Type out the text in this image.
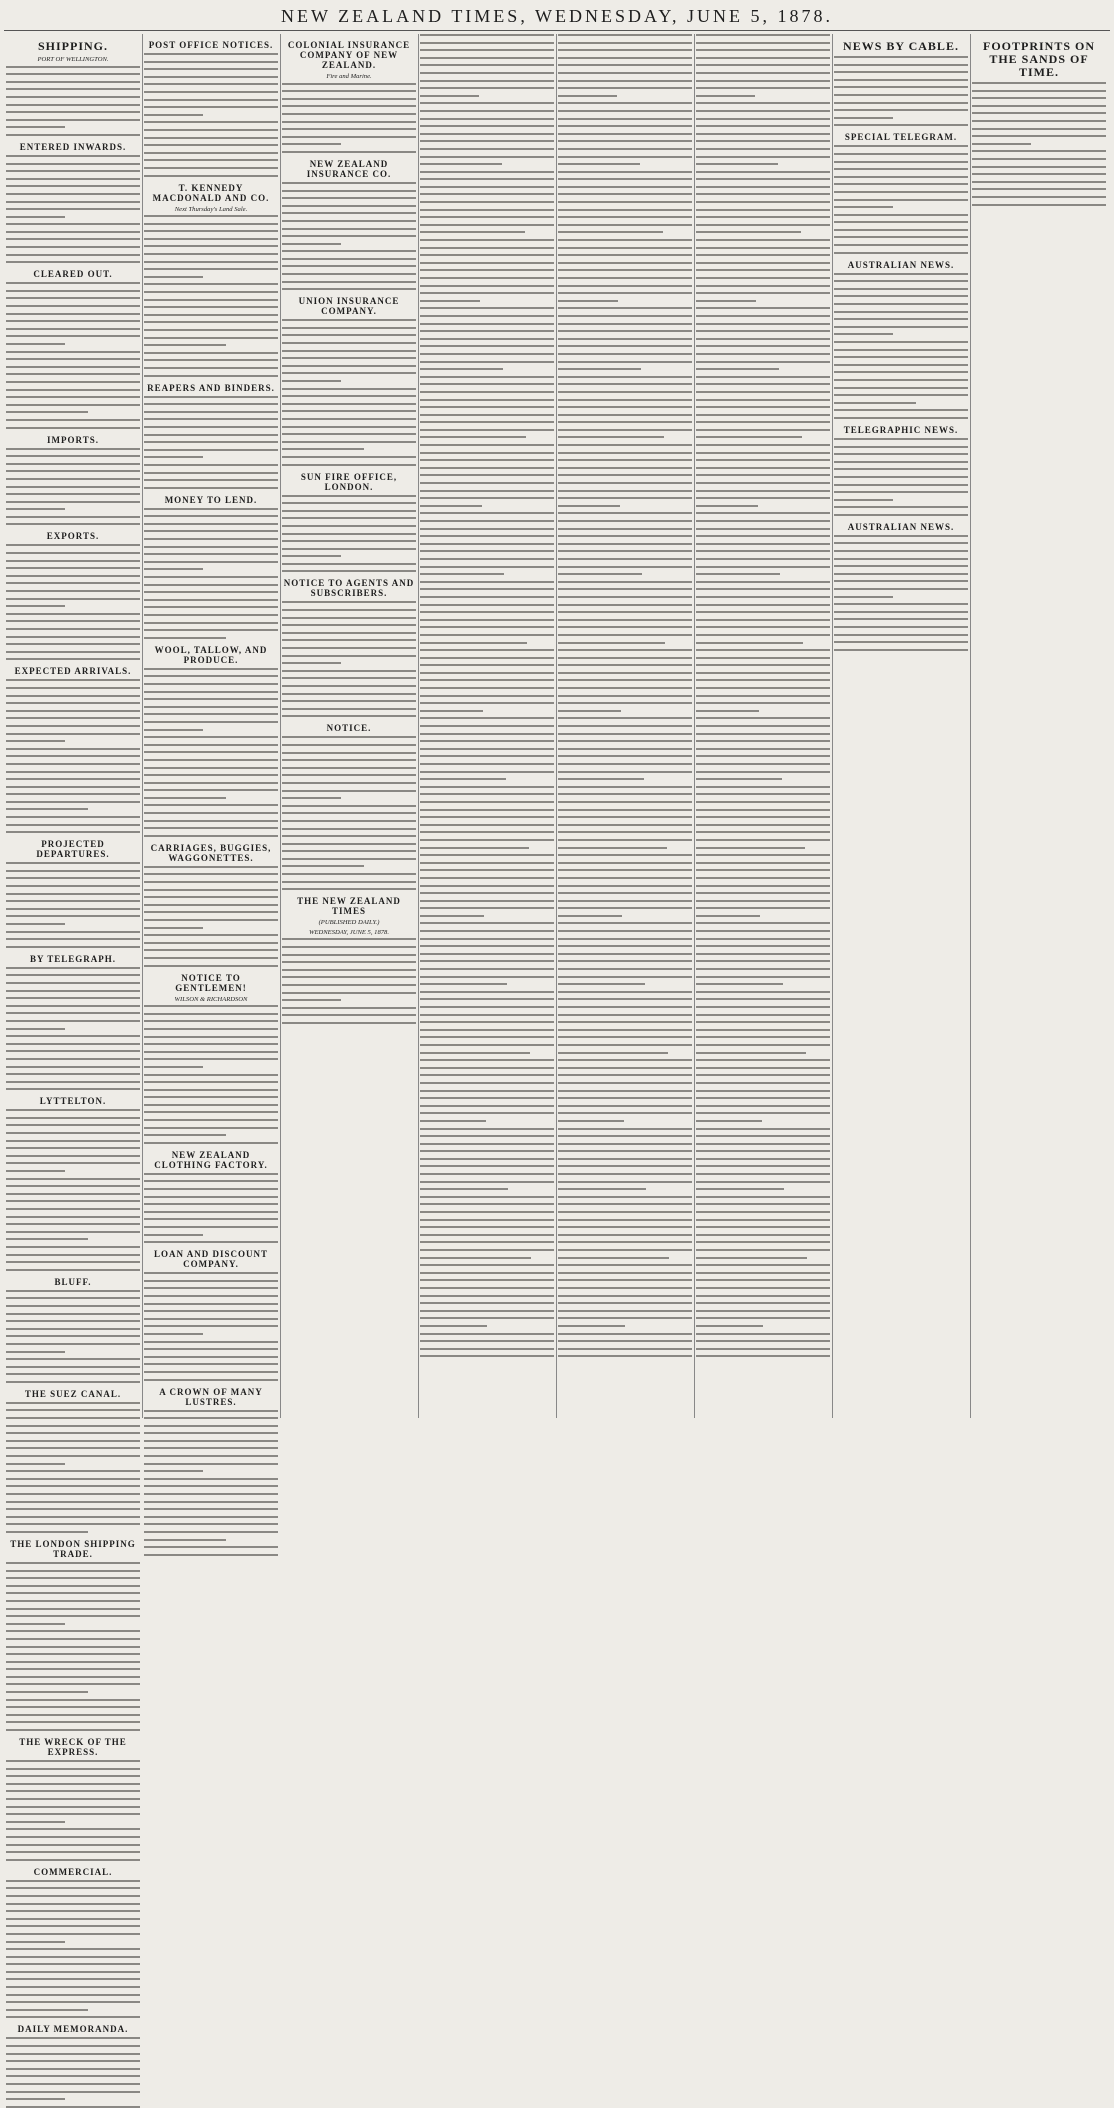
NEW ZEALAND TIMES, WEDNESDAY, JUNE 5, 1878.
SHIPPING.
PORT OF WELLINGTON.
ENTERED INWARDS.
CLEARED OUT.
IMPORTS.
EXPORTS.
EXPECTED ARRIVALS.
PROJECTED DEPARTURES.
BY TELEGRAPH.
LYTTELTON.
BLUFF.
THE SUEZ CANAL.
THE LONDON SHIPPING TRADE.
THE WRECK OF THE EXPRESS.
COMMERCIAL.
DAILY MEMORANDA.
POST OFFICE NOTICES.
T. KENNEDY MACDONALD AND CO.
Next Thursday's Land Sale.
REAPERS AND BINDERS.
MONEY TO LEND.
WOOL, TALLOW, AND PRODUCE.
CARRIAGES, BUGGIES, WAGGONETTES.
NOTICE TO GENTLEMEN!
WILSON & RICHARDSON
NEW ZEALAND CLOTHING FACTORY.
LOAN AND DISCOUNT COMPANY.
A CROWN OF MANY LUSTRES.
COLONIAL INSURANCE COMPANY OF NEW ZEALAND.
Fire and Marine.
NEW ZEALAND INSURANCE CO.
UNION INSURANCE COMPANY.
SUN FIRE OFFICE, LONDON.
NOTICE TO AGENTS AND SUBSCRIBERS.
NOTICE.
THE NEW ZEALAND TIMES
(PUBLISHED DAILY.)
WEDNESDAY, JUNE 5, 1878.
NEWS BY CABLE.
SPECIAL TELEGRAM.
AUSTRALIAN NEWS.
TELEGRAPHIC NEWS.
AUSTRALIAN NEWS.
FOOTPRINTS ON THE SANDS OF TIME.
